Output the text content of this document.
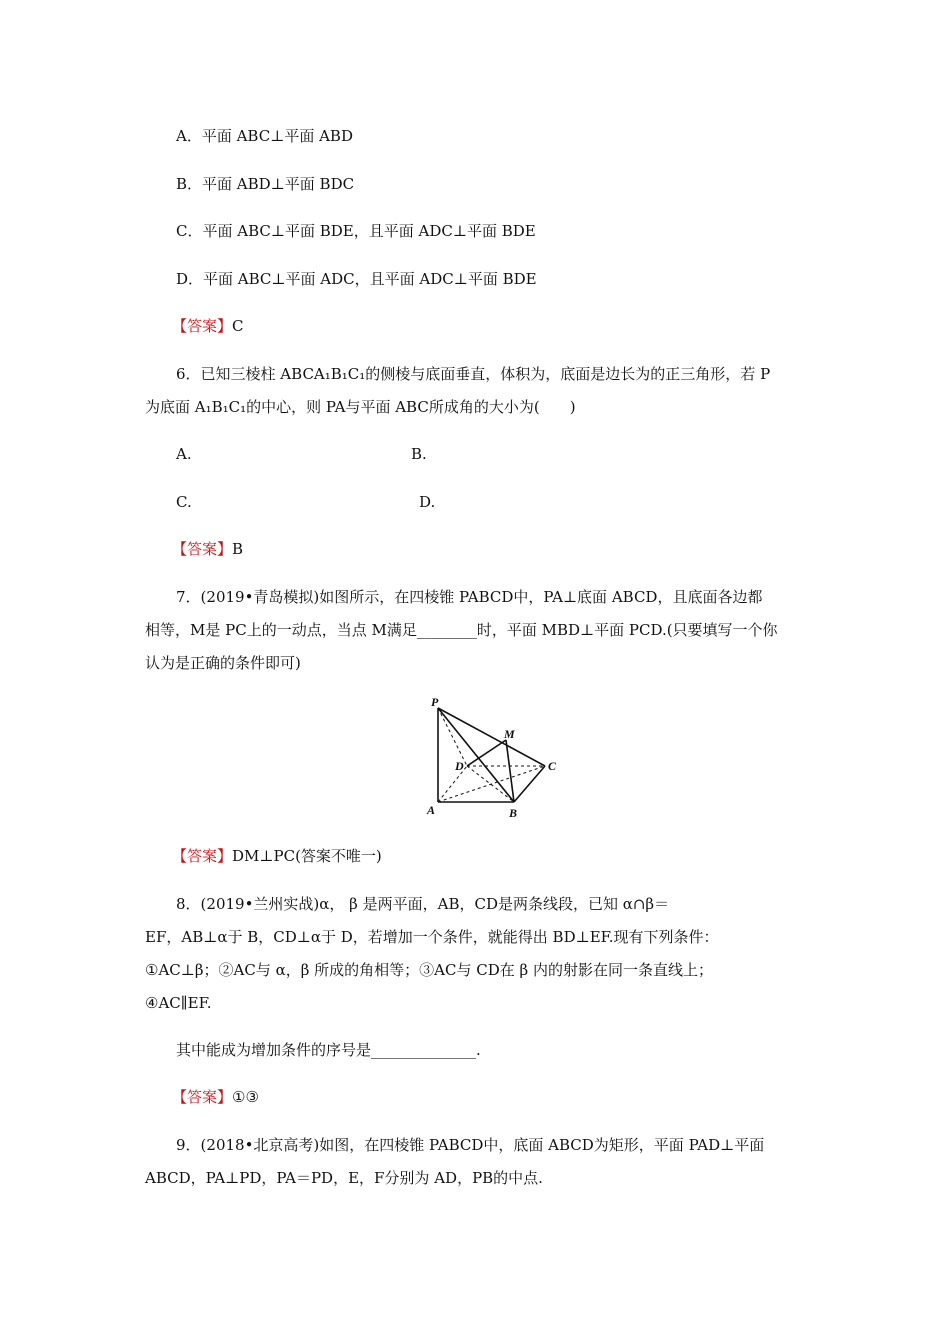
A．平面 ABC⊥平面 ABD
B．平面 ABD⊥平面 BDC
C．平面 ABC⊥平面 BDE，且平面 ADC⊥平面 BDE
D．平面 ABC⊥平面 ADC，且平面 ADC⊥平面 BDE
【答案】C
6．已知三棱柱 ABCA₁B₁C₁的侧棱与底面垂直，体积为，底面是边长为的正三角形，若 P
为底面 A₁B₁C₁的中心，则 PA与平面 ABC所成角的大小为(　　)
A.	B.
C.	D.
【答案】B
7．(2019•青岛模拟)如图所示，在四棱锥 PABCD中，PA⊥底面 ABCD，且底面各边都
相等，M是 PC上的一动点，当点 M满足________时，平面 MBD⊥平面 PCD.(只要填写一个你
认为是正确的条件即可)
P
M
D	C
A	B
【答案】DM⊥PC(答案不唯一)
8．(2019•兰州实战)α， β 是两平面，AB，CD是两条线段，已知 α∩β＝
EF，AB⊥α于 B，CD⊥α于 D，若增加一个条件，就能得出 BD⊥EF.现有下列条件：
①AC⊥β；②AC与 α，β 所成的角相等；③AC与 CD在 β 内的射影在同一条直线上；
④AC∥EF.
其中能成为增加条件的序号是______________.
【答案】①③
9．(2018•北京高考)如图，在四棱锥 PABCD中，底面 ABCD为矩形，平面 PAD⊥平面
ABCD，PA⊥PD，PA＝PD，E，F分别为 AD，PB的中点.
